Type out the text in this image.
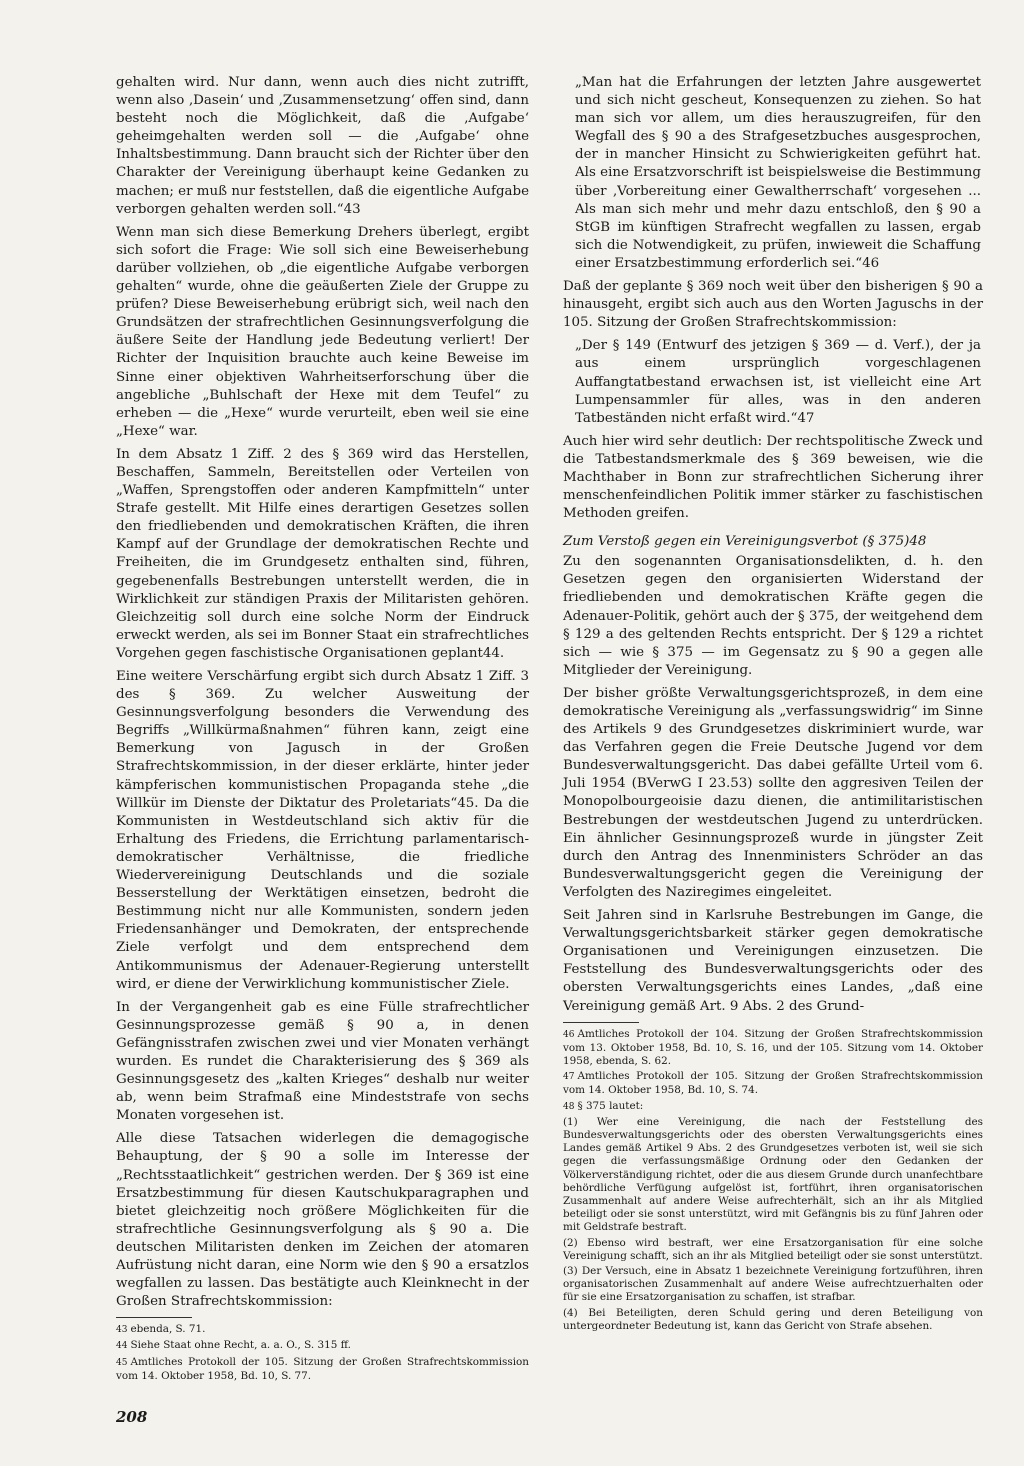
gehalten wird. Nur dann, wenn auch dies nicht zutrifft, wenn also ‚Dasein‘ und ‚Zusammensetzung‘ offen sind, dann besteht noch die Möglichkeit, daß die ‚Aufgabe‘ geheimgehalten werden soll — die ‚Aufgabe‘ ohne Inhaltsbestimmung. Dann braucht sich der Richter über den Charakter der Vereinigung überhaupt keine Gedanken zu machen; er muß nur feststellen, daß die eigentliche Aufgabe verborgen gehalten werden soll.“43

Wenn man sich diese Bemerkung Drehers überlegt, ergibt sich sofort die Frage: Wie soll sich eine Beweiserhebung darüber vollziehen, ob „die eigentliche Aufgabe verborgen gehalten“ wurde, ohne die geäußerten Ziele der Gruppe zu prüfen? Diese Beweiserhebung erübrigt sich, weil nach den Grundsätzen der strafrechtlichen Gesinnungsverfolgung die äußere Seite der Handlung jede Bedeutung verliert! Der Richter der Inquisition brauchte auch keine Beweise im Sinne einer objektiven Wahrheitserforschung über die angebliche „Buhlschaft der Hexe mit dem Teufel“ zu erheben — die „Hexe“ wurde verurteilt, eben weil sie eine „Hexe“ war.

In dem Absatz 1 Ziff. 2 des § 369 wird das Herstellen, Beschaffen, Sammeln, Bereitstellen oder Verteilen von „Waffen, Sprengstoffen oder anderen Kampfmitteln“ unter Strafe gestellt. Mit Hilfe eines derartigen Gesetzes sollen den friedliebenden und demokratischen Kräften, die ihren Kampf auf der Grundlage der demokratischen Rechte und Freiheiten, die im Grundgesetz enthalten sind, führen, gegebenenfalls Bestrebungen unterstellt werden, die in Wirklichkeit zur ständigen Praxis der Militaristen gehören. Gleichzeitig soll durch eine solche Norm der Eindruck erweckt werden, als sei im Bonner Staat ein strafrechtliches Vorgehen gegen faschistische Organisationen geplant44.

Eine weitere Verschärfung ergibt sich durch Absatz 1 Ziff. 3 des § 369. Zu welcher Ausweitung der Gesinnungsverfolgung besonders die Verwendung des Begriffs „Willkürmaßnahmen“ führen kann, zeigt eine Bemerkung von Jagusch in der Großen Strafrechtskommission, in der dieser erklärte, hinter jeder kämpferischen kommunistischen Propaganda stehe „die Willkür im Dienste der Diktatur des Proletariats“45. Da die Kommunisten in Westdeutschland sich aktiv für die Erhaltung des Friedens, die Errichtung parlamentarisch-demokratischer Verhältnisse, die friedliche Wiedervereinigung Deutschlands und die soziale Besserstellung der Werktätigen einsetzen, bedroht die Bestimmung nicht nur alle Kommunisten, sondern jeden Friedensanhänger und Demokraten, der entsprechende Ziele verfolgt und dem entsprechend dem Antikommunismus der Adenauer-Regierung unterstellt wird, er diene der Verwirklichung kommunistischer Ziele.

In der Vergangenheit gab es eine Fülle strafrechtlicher Gesinnungsprozesse gemäß § 90 a, in denen Gefängnisstrafen zwischen zwei und vier Monaten verhängt wurden. Es rundet die Charakterisierung des § 369 als Gesinnungsgesetz des „kalten Krieges“ deshalb nur weiter ab, wenn beim Strafmaß eine Mindeststrafe von sechs Monaten vorgesehen ist.

Alle diese Tatsachen widerlegen die demagogische Behauptung, der § 90 a solle im Interesse der „Rechtsstaatlichkeit“ gestrichen werden. Der § 369 ist eine Ersatzbestimmung für diesen Kautschukparagraphen und bietet gleichzeitig noch größere Möglichkeiten für die strafrechtliche Gesinnungsverfolgung als § 90 a. Die deutschen Militaristen denken im Zeichen der atomaren Aufrüstung nicht daran, eine Norm wie den § 90 a ersatzlos wegfallen zu lassen. Das bestätigte auch Kleinknecht in der Großen Strafrechtskommission:

43 ebenda, S. 71.

44 Siehe Staat ohne Recht, a. a. O., S. 315 ff.

45 Amtliches Protokoll der 105. Sitzung der Großen Strafrechtskommission vom 14. Oktober 1958, Bd. 10, S. 77.

„Man hat die Erfahrungen der letzten Jahre ausgewertet und sich nicht gescheut, Konsequenzen zu ziehen. So hat man sich vor allem, um dies herauszugreifen, für den Wegfall des § 90 a des Strafgesetzbuches ausgesprochen, der in mancher Hinsicht zu Schwierigkeiten geführt hat. Als eine Ersatzvorschrift ist beispielsweise die Bestimmung über ‚Vorbereitung einer Gewaltherrschaft‘ vorgesehen ... Als man sich mehr und mehr dazu entschloß, den § 90 a StGB im künftigen Strafrecht wegfallen zu lassen, ergab sich die Notwendigkeit, zu prüfen, inwieweit die Schaffung einer Ersatzbestimmung erforderlich sei.“46

Daß der geplante § 369 noch weit über den bisherigen § 90 a hinausgeht, ergibt sich auch aus den Worten Jaguschs in der 105. Sitzung der Großen Strafrechtskommission:

„Der § 149 (Entwurf des jetzigen § 369 — d. Verf.), der ja aus einem ursprünglich vorgeschlagenen Auffangtatbestand erwachsen ist, ist vielleicht eine Art Lumpensammler für alles, was in den anderen Tatbeständen nicht erfaßt wird.“47

Auch hier wird sehr deutlich: Der rechtspolitische Zweck und die Tatbestandsmerkmale des § 369 beweisen, wie die Machthaber in Bonn zur strafrechtlichen Sicherung ihrer menschenfeindlichen Politik immer stärker zu faschistischen Methoden greifen.

Zum Verstoß gegen ein Vereinigungsverbot (§ 375)48

Zu den sogenannten Organisationsdelikten, d. h. den Gesetzen gegen den organisierten Widerstand der friedliebenden und demokratischen Kräfte gegen die Adenauer-Politik, gehört auch der § 375, der weitgehend dem § 129 a des geltenden Rechts entspricht. Der § 129 a richtet sich — wie § 375 — im Gegensatz zu § 90 a gegen alle Mitglieder der Vereinigung.

Der bisher größte Verwaltungsgerichtsprozeß, in dem eine demokratische Vereinigung als „verfassungswidrig“ im Sinne des Artikels 9 des Grundgesetzes diskriminiert wurde, war das Verfahren gegen die Freie Deutsche Jugend vor dem Bundesverwaltungsgericht. Das dabei gefällte Urteil vom 6. Juli 1954 (BVerwG I 23.53) sollte den aggresiven Teilen der Monopolbourgeoisie dazu dienen, die antimilitaristischen Bestrebungen der westdeutschen Jugend zu unterdrücken. Ein ähnlicher Gesinnungsprozeß wurde in jüngster Zeit durch den Antrag des Innenministers Schröder an das Bundesverwaltungsgericht gegen die Vereinigung der Verfolgten des Naziregimes eingeleitet.

Seit Jahren sind in Karlsruhe Bestrebungen im Gange, die Verwaltungsgerichtsbarkeit stärker gegen demokratische Organisationen und Vereinigungen einzusetzen. Die Feststellung des Bundesverwaltungsgerichts oder des obersten Verwaltungsgerichts eines Landes, „daß eine Vereinigung gemäß Art. 9 Abs. 2 des Grund-

46 Amtliches Protokoll der 104. Sitzung der Großen Strafrechtskommission vom 13. Oktober 1958, Bd. 10, S. 16, und der 105. Sitzung vom 14. Oktober 1958, ebenda, S. 62.

47 Amtliches Protokoll der 105. Sitzung der Großen Strafrechtskommission vom 14. Oktober 1958, Bd. 10, S. 74.

48 § 375 lautet:

(1) Wer eine Vereinigung, die nach der Feststellung des Bundesverwaltungsgerichts oder des obersten Verwaltungsgerichts eines Landes gemäß Artikel 9 Abs. 2 des Grundgesetzes verboten ist, weil sie sich gegen die verfassungsmäßige Ordnung oder den Gedanken der Völkerverständigung richtet, oder die aus diesem Grunde durch unanfechtbare behördliche Verfügung aufgelöst ist, fortführt, ihren organisatorischen Zusammenhalt auf andere Weise aufrechterhält, sich an ihr als Mitglied beteiligt oder sie sonst unterstützt, wird mit Gefängnis bis zu fünf Jahren oder mit Geldstrafe bestraft.

(2) Ebenso wird bestraft, wer eine Ersatzorganisation für eine solche Vereinigung schafft, sich an ihr als Mitglied beteiligt oder sie sonst unterstützt.

(3) Der Versuch, eine in Absatz 1 bezeichnete Vereinigung fortzuführen, ihren organisatorischen Zusammenhalt auf andere Weise aufrechtzuerhalten oder für sie eine Ersatzorganisation zu schaffen, ist strafbar.

(4) Bei Beteiligten, deren Schuld gering und deren Beteiligung von untergeordneter Bedeutung ist, kann das Gericht von Strafe absehen.

208
